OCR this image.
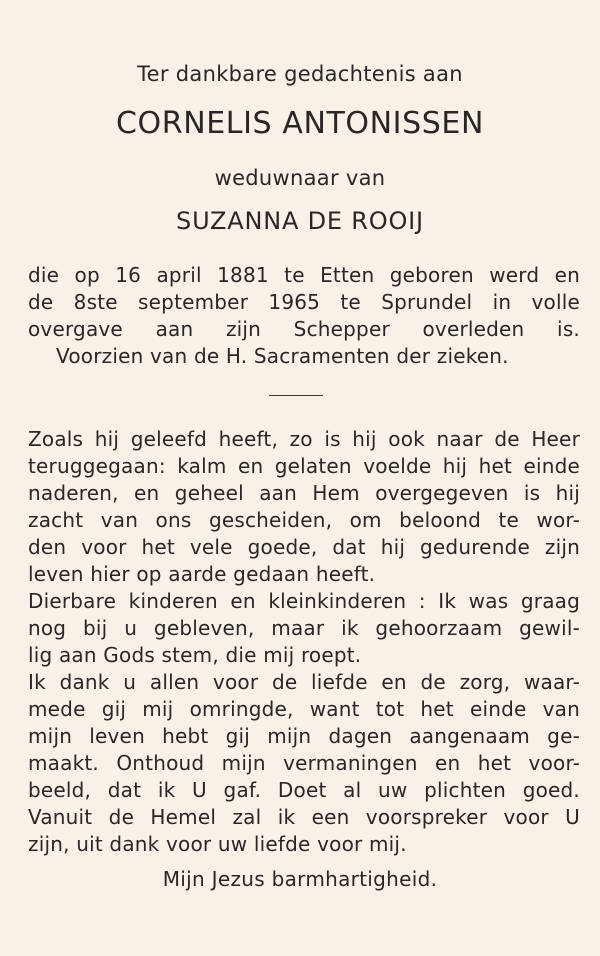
Ter dankbare gedachtenis aan
CORNELIS ANTONISSEN
weduwnaar van
SUZANNA DE ROOIJ
die op 16 april 1881 te Etten geboren werd en
de 8ste september 1965 te Sprundel in volle
overgave aan zijn Schepper overleden is.
Voorzien van de H. Sacramenten der zieken.
Zoals hij geleefd heeft, zo is hij ook naar de Heer
teruggegaan: kalm en gelaten voelde hij het einde
naderen, en geheel aan Hem overgegeven is hij
zacht van ons gescheiden, om beloond te wor-
den voor het vele goede, dat hij gedurende zijn
leven hier op aarde gedaan heeft.
Dierbare kinderen en kleinkinderen : Ik was graag
nog bij u gebleven, maar ik gehoorzaam gewil-
lig aan Gods stem, die mij roept.
Ik dank u allen voor de liefde en de zorg, waar-
mede gij mij omringde, want tot het einde van
mijn leven hebt gij mijn dagen aangenaam ge-
maakt. Onthoud mijn vermaningen en het voor-
beeld, dat ik U gaf. Doet al uw plichten goed.
Vanuit de Hemel zal ik een voorspreker voor U
zijn, uit dank voor uw liefde voor mij.
Mijn Jezus barmhartigheid.
